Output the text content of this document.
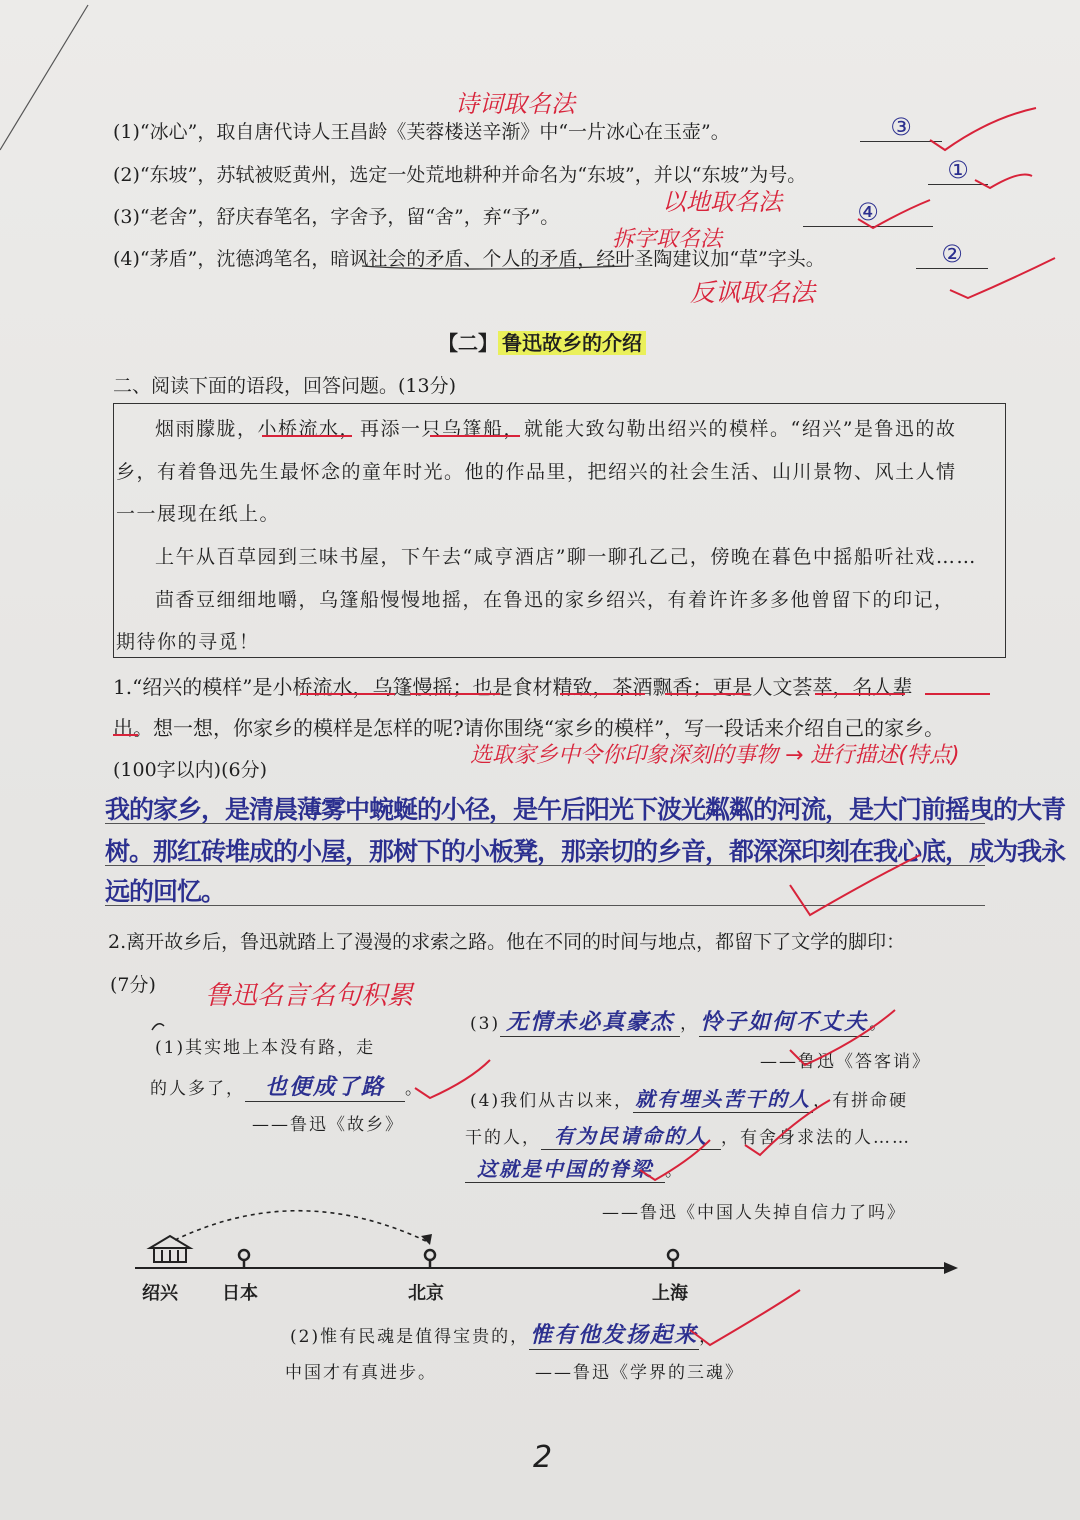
诗词取名法
(1)“冰心”，取自唐代诗人王昌龄《芙蓉楼送辛渐》中“一片冰心在玉壶”。	③
(2)“东坡”，苏轼被贬黄州，选定一处荒地耕种并命名为“东坡”，并以“东坡”为号。	①
以地取名法
(3)“老舍”，舒庆春笔名，字舍予，留“舍”，弃“予”。	④
拆字取名法
(4)“茅盾”，沈德鸿笔名，暗讽社会的矛盾、个人的矛盾，经叶圣陶建议加“草”字头。	②
反讽取名法
【二】 鲁迅故乡的介绍
二、阅读下面的语段，回答问题。(13分)
烟雨朦胧，小桥流水，再添一只乌篷船，就能大致勾勒出绍兴的模样。“绍兴”是鲁迅的故
乡，有着鲁迅先生最怀念的童年时光。他的作品里，把绍兴的社会生活、山川景物、风土人情
一一展现在纸上。
上午从百草园到三味书屋，下午去“咸亨酒店”聊一聊孔乙己，傍晚在暮色中摇船听社戏……
茴香豆细细地嚼，乌篷船慢慢地摇，在鲁迅的家乡绍兴，有着许许多多他曾留下的印记，
期待你的寻觅！
1.“绍兴的模样”是小桥流水，乌篷慢摇；也是食材精致，茶酒飘香；更是人文荟萃，名人辈
出。想一想，你家乡的模样是怎样的呢?请你围绕“家乡的模样”，写一段话来介绍自己的家乡。
选取家乡中令你印象深刻的事物 → 进行描述(特点)
(100字以内)(6分)
我的家乡，是清晨薄雾中蜿蜒的小径，是午后阳光下波光粼粼的河流，是大门前摇曳的大青
树。那红砖堆成的小屋，那树下的小板凳，那亲切的乡音，都深深印刻在我心底，成为我永
远的回忆。
2.离开故乡后，鲁迅就踏上了漫漫的求索之路。他在不同的时间与地点，都留下了文学的脚印：
(7分) 鲁迅名言名句积累
(1)其实地上本没有路，走
的人多了， 也便成了路 。
——鲁迅《故乡》
(3) 无情未必真豪杰 ，怜子如何不丈夫。
——鲁迅《答客诮》
(4)我们从古以来， 就有埋头苦干的人 ，有拼命硬
干的人， 有为民请命的人 ，有舍身求法的人……
这就是中国的脊梁 。
——鲁迅《中国人失掉自信力了吗》
绍兴 日本	北京	上海
(2)惟有民魂是值得宝贵的，惟有他发扬起来，
中国才有真进步。	——鲁迅《学界的三魂》
2
